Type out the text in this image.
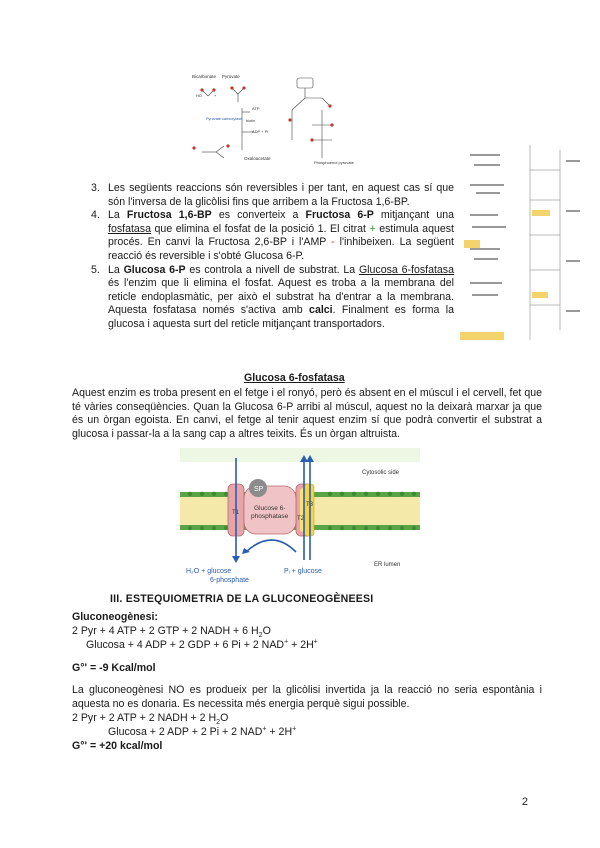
Bicarbonate Pyruvate
HO	+
ATP
ADP + Pi
Pyruvate carboxylase biotin
Oxaloacetate
Phosphoenol pyruvate
3. Les següents reaccions són reversibles i per tant, en aquest cas sí que són l'inversa de la glicòlisi fins que arribem a la Fructosa 1,6-BP.
4. La Fructosa 1,6-BP es converteix a Fructosa 6-P mitjançant una fosfatasa que elimina el fosfat de la posició 1. El citrat + estimula aquest procés. En canvi la Fructosa 2,6-BP i l'AMP - l'inhibeixen. La següent reacció és reversible i s'obté Glucosa 6-P.
5. La Glucosa 6-P es controla a nivell de substrat. La Glucosa 6-fosfatasa és l'enzim que li elimina el fosfat. Aquest es troba a la membrana del reticle endoplasmàtic, per això el substrat ha d'entrar a la membrana. Aquesta fosfatasa només s'activa amb calci. Finalment es forma la glucosa i aquesta surt del reticle mitjançant transportadors.
Glucosa 6-fosfatasa
Aquest enzim es troba present en el fetge i el ronyó, però és absent en el múscul i el cervell, fet que té vàries conseqüències. Quan la Glucosa 6-P arribi al múscul, aquest no la deixarà marxar ja que és un òrgan egoista. En canvi, el fetge al tenir aquest enzim sí que podrà convertir el substrat a glucosa i passar-la a la sang cap a altres teixits. És un òrgan altruista.
SP
Glucose 6-
phosphatase
T1
T2
T3
Cytosolic side
ER lumen
H₂O + glucose
6-phosphate
Pᵢ + glucose
III. ESTEQUIOMETRIA DE LA GLUCONEOGÈNEESI
Gluconeogènesi:
2 Pyr + 4 ATP + 2 GTP + 2 NADH + 6 $H_2O$
Glucosa + 4 ADP + 2 GDP + 6 Pi + 2 NAD+ + 2H+
G°' = -9 Kcal/mol
La gluconeogènesi NO es produeix per la glicòlisi invertida ja la reacció no seria espontània i aquesta no es donaria. Es necessita més energia perquè sigui possible.
2 Pyr + 2 ATP + 2 NADH + 2 $H_2O$
Glucosa + 2 ADP + 2 Pi + 2 NAD+ + 2H+
G°' = +20 kcal/mol
2
